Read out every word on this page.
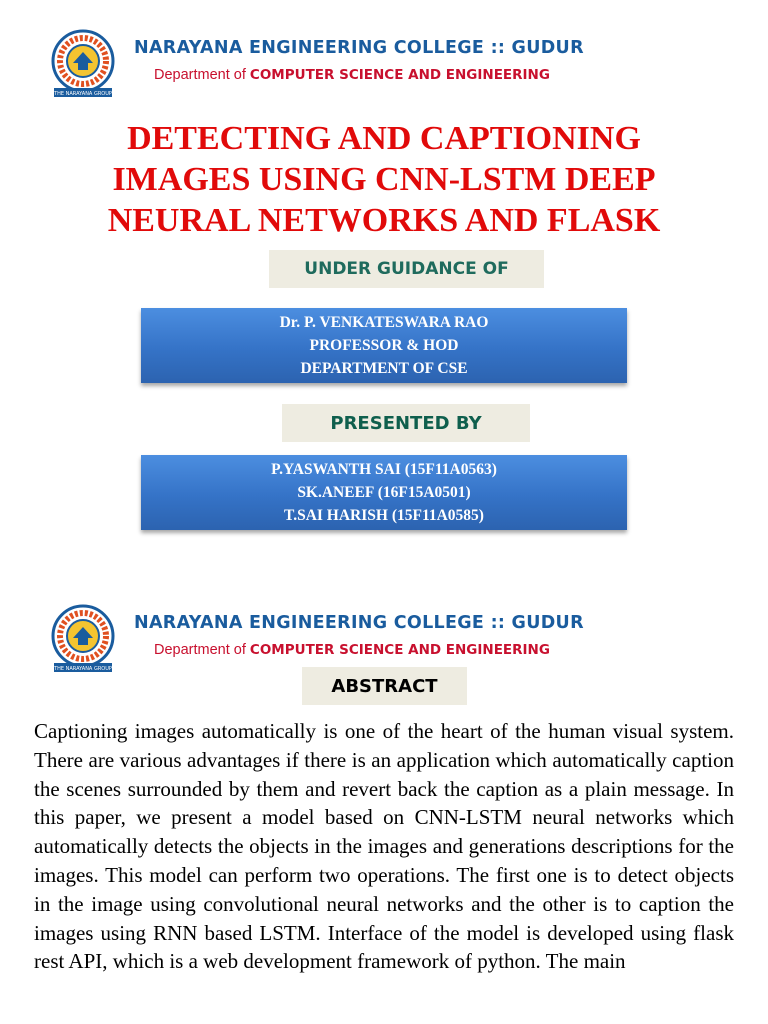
THE NARAYANA GROUP
NARAYANA ENGINEERING COLLEGE :: GUDUR
Department of COMPUTER SCIENCE AND ENGINEERING
DETECTING AND CAPTIONING
IMAGES USING CNN-LSTM DEEP
NEURAL NETWORKS AND FLASK
UNDER GUIDANCE OF
Dr. P. VENKATESWARA RAO
PROFESSOR & HOD
DEPARTMENT OF CSE
PRESENTED BY
P.YASWANTH SAI (15F11A0563)
SK.ANEEF (16F15A0501)
T.SAI HARISH (15F11A0585)
THE NARAYANA GROUP
NARAYANA ENGINEERING COLLEGE :: GUDUR
Department of COMPUTER SCIENCE AND ENGINEERING
ABSTRACT

Captioning images automatically is one of the heart of the human visual system. There are various advantages if there is an application which automatically caption the scenes surrounded by them and revert back the caption as a plain message. In this paper, we present a model based on CNN-LSTM neural networks which automatically detects the objects in the images and generations descriptions for the images. This model can perform two operations. The first one is to detect objects in the image using convolutional neural networks and the other is to caption the images using RNN based LSTM. Interface of the model is developed using flask rest API, which is a web development framework of python. The main
